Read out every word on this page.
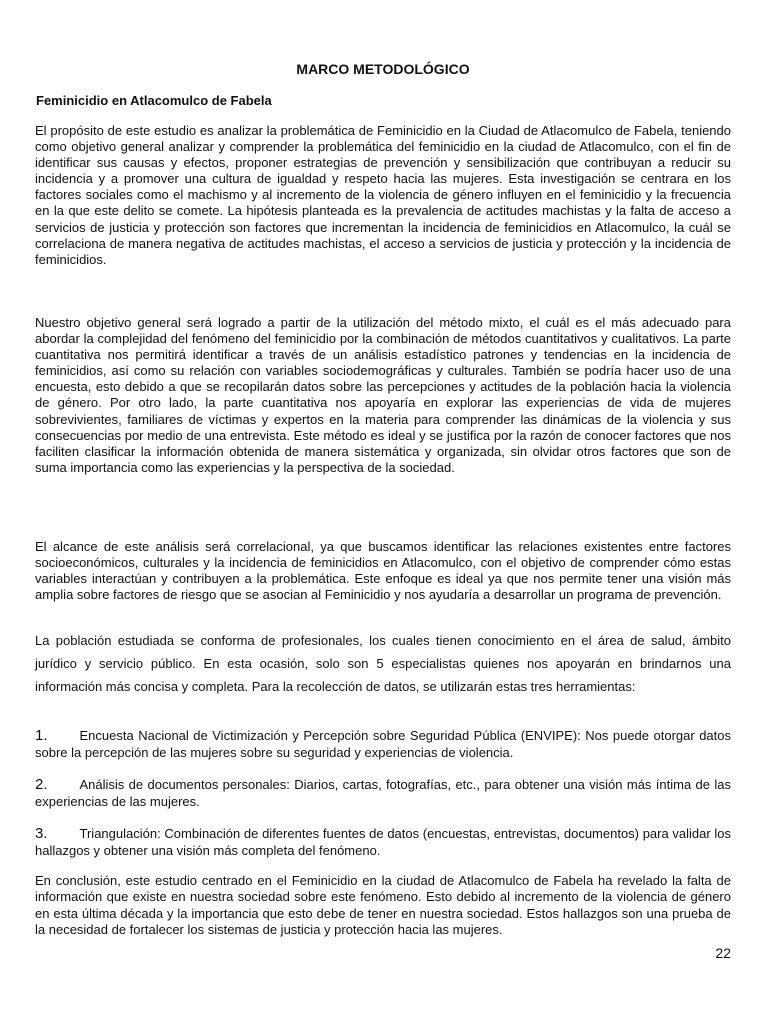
MARCO METODOLÓGICO
Feminicidio en Atlacomulco de Fabela

El propósito de este estudio es analizar la problemática de Feminicidio en la Ciudad de Atlacomulco de Fabela, teniendo como objetivo general analizar y comprender la problemática del feminicidio en la ciudad de Atlacomulco, con el fin de identificar sus causas y efectos, proponer estrategias de prevención y sensibilización que contribuyan a reducir su incidencia y a promover una cultura de igualdad y respeto hacia las mujeres. Esta investigación se centrara en los factores sociales como el machismo y al incremento de la violencia de género influyen en el feminicidio y la frecuencia en la que este delito se comete. La hipótesis planteada es la prevalencia de actitudes machistas y la falta de acceso a servicios de justicia y protección son factores que incrementan la incidencia de feminicidios en Atlacomulco, la cuál se correlaciona de manera negativa de actitudes machistas, el acceso a servicios de justicia y protección y la incidencia de feminicidios.

Nuestro objetivo general será logrado a partir de la utilización del método mixto, el cuál es el más adecuado para abordar la complejidad del fenómeno del feminicidio por la combinación de métodos cuantitativos y cualitativos. La parte cuantitativa nos permitirá identificar a través de un análisis estadístico patrones y tendencias en la incidencia de feminicidios, así como su relación con variables sociodemográficas y culturales. También se podría hacer uso de una encuesta, esto debido a que se recopilarán datos sobre las percepciones y actitudes de la población hacia la violencia de género. Por otro lado, la parte cuantitativa nos apoyaría en explorar las experiencias de vida de mujeres sobrevivientes, familiares de víctimas y expertos en la materia para comprender las dinámicas de la violencia y sus consecuencias por medio de una entrevista. Este método es ideal y se justifica por la razón de conocer factores que nos faciliten clasificar la información obtenida de manera sistemática y organizada, sin olvidar otros factores que son de suma importancia como las experiencias y la perspectiva de la sociedad.

El alcance de este análisis será correlacional, ya que buscamos identificar las relaciones existentes entre factores socioeconómicos, culturales y la incidencia de feminicidios en Atlacomulco, con el objetivo de comprender cómo estas variables interactúan y contribuyen a la problemática. Este enfoque es ideal ya que nos permite tener una visión más amplia sobre factores de riesgo que se asocian al Feminicidio y nos ayudaría a desarrollar un programa de prevención.

La población estudiada se conforma de profesionales, los cuales tienen conocimiento en el área de salud, ámbito jurídico y servicio público. En esta ocasión, solo son 5 especialistas quienes nos apoyarán en brindarnos una información más concisa y completa. Para la recolección de datos, se utilizarán estas tres herramientas:

1. Encuesta Nacional de Victimización y Percepción sobre Seguridad Pública (ENVIPE): Nos puede otorgar datos sobre la percepción de las mujeres sobre su seguridad y experiencias de violencia.

2. Análisis de documentos personales: Diarios, cartas, fotografías, etc., para obtener una visión más íntima de las experiencias de las mujeres.

3. Triangulación: Combinación de diferentes fuentes de datos (encuestas, entrevistas, documentos) para validar los hallazgos y obtener una visión más completa del fenómeno.

En conclusión, este estudio centrado en el Feminicidio en la ciudad de Atlacomulco de Fabela ha revelado la falta de información que existe en nuestra sociedad sobre este fenómeno. Esto debido al incremento de la violencia de género en esta última década y la importancia que esto debe de tener en nuestra sociedad. Estos hallazgos son una prueba de la necesidad de fortalecer los sistemas de justicia y protección hacia las mujeres.

22
